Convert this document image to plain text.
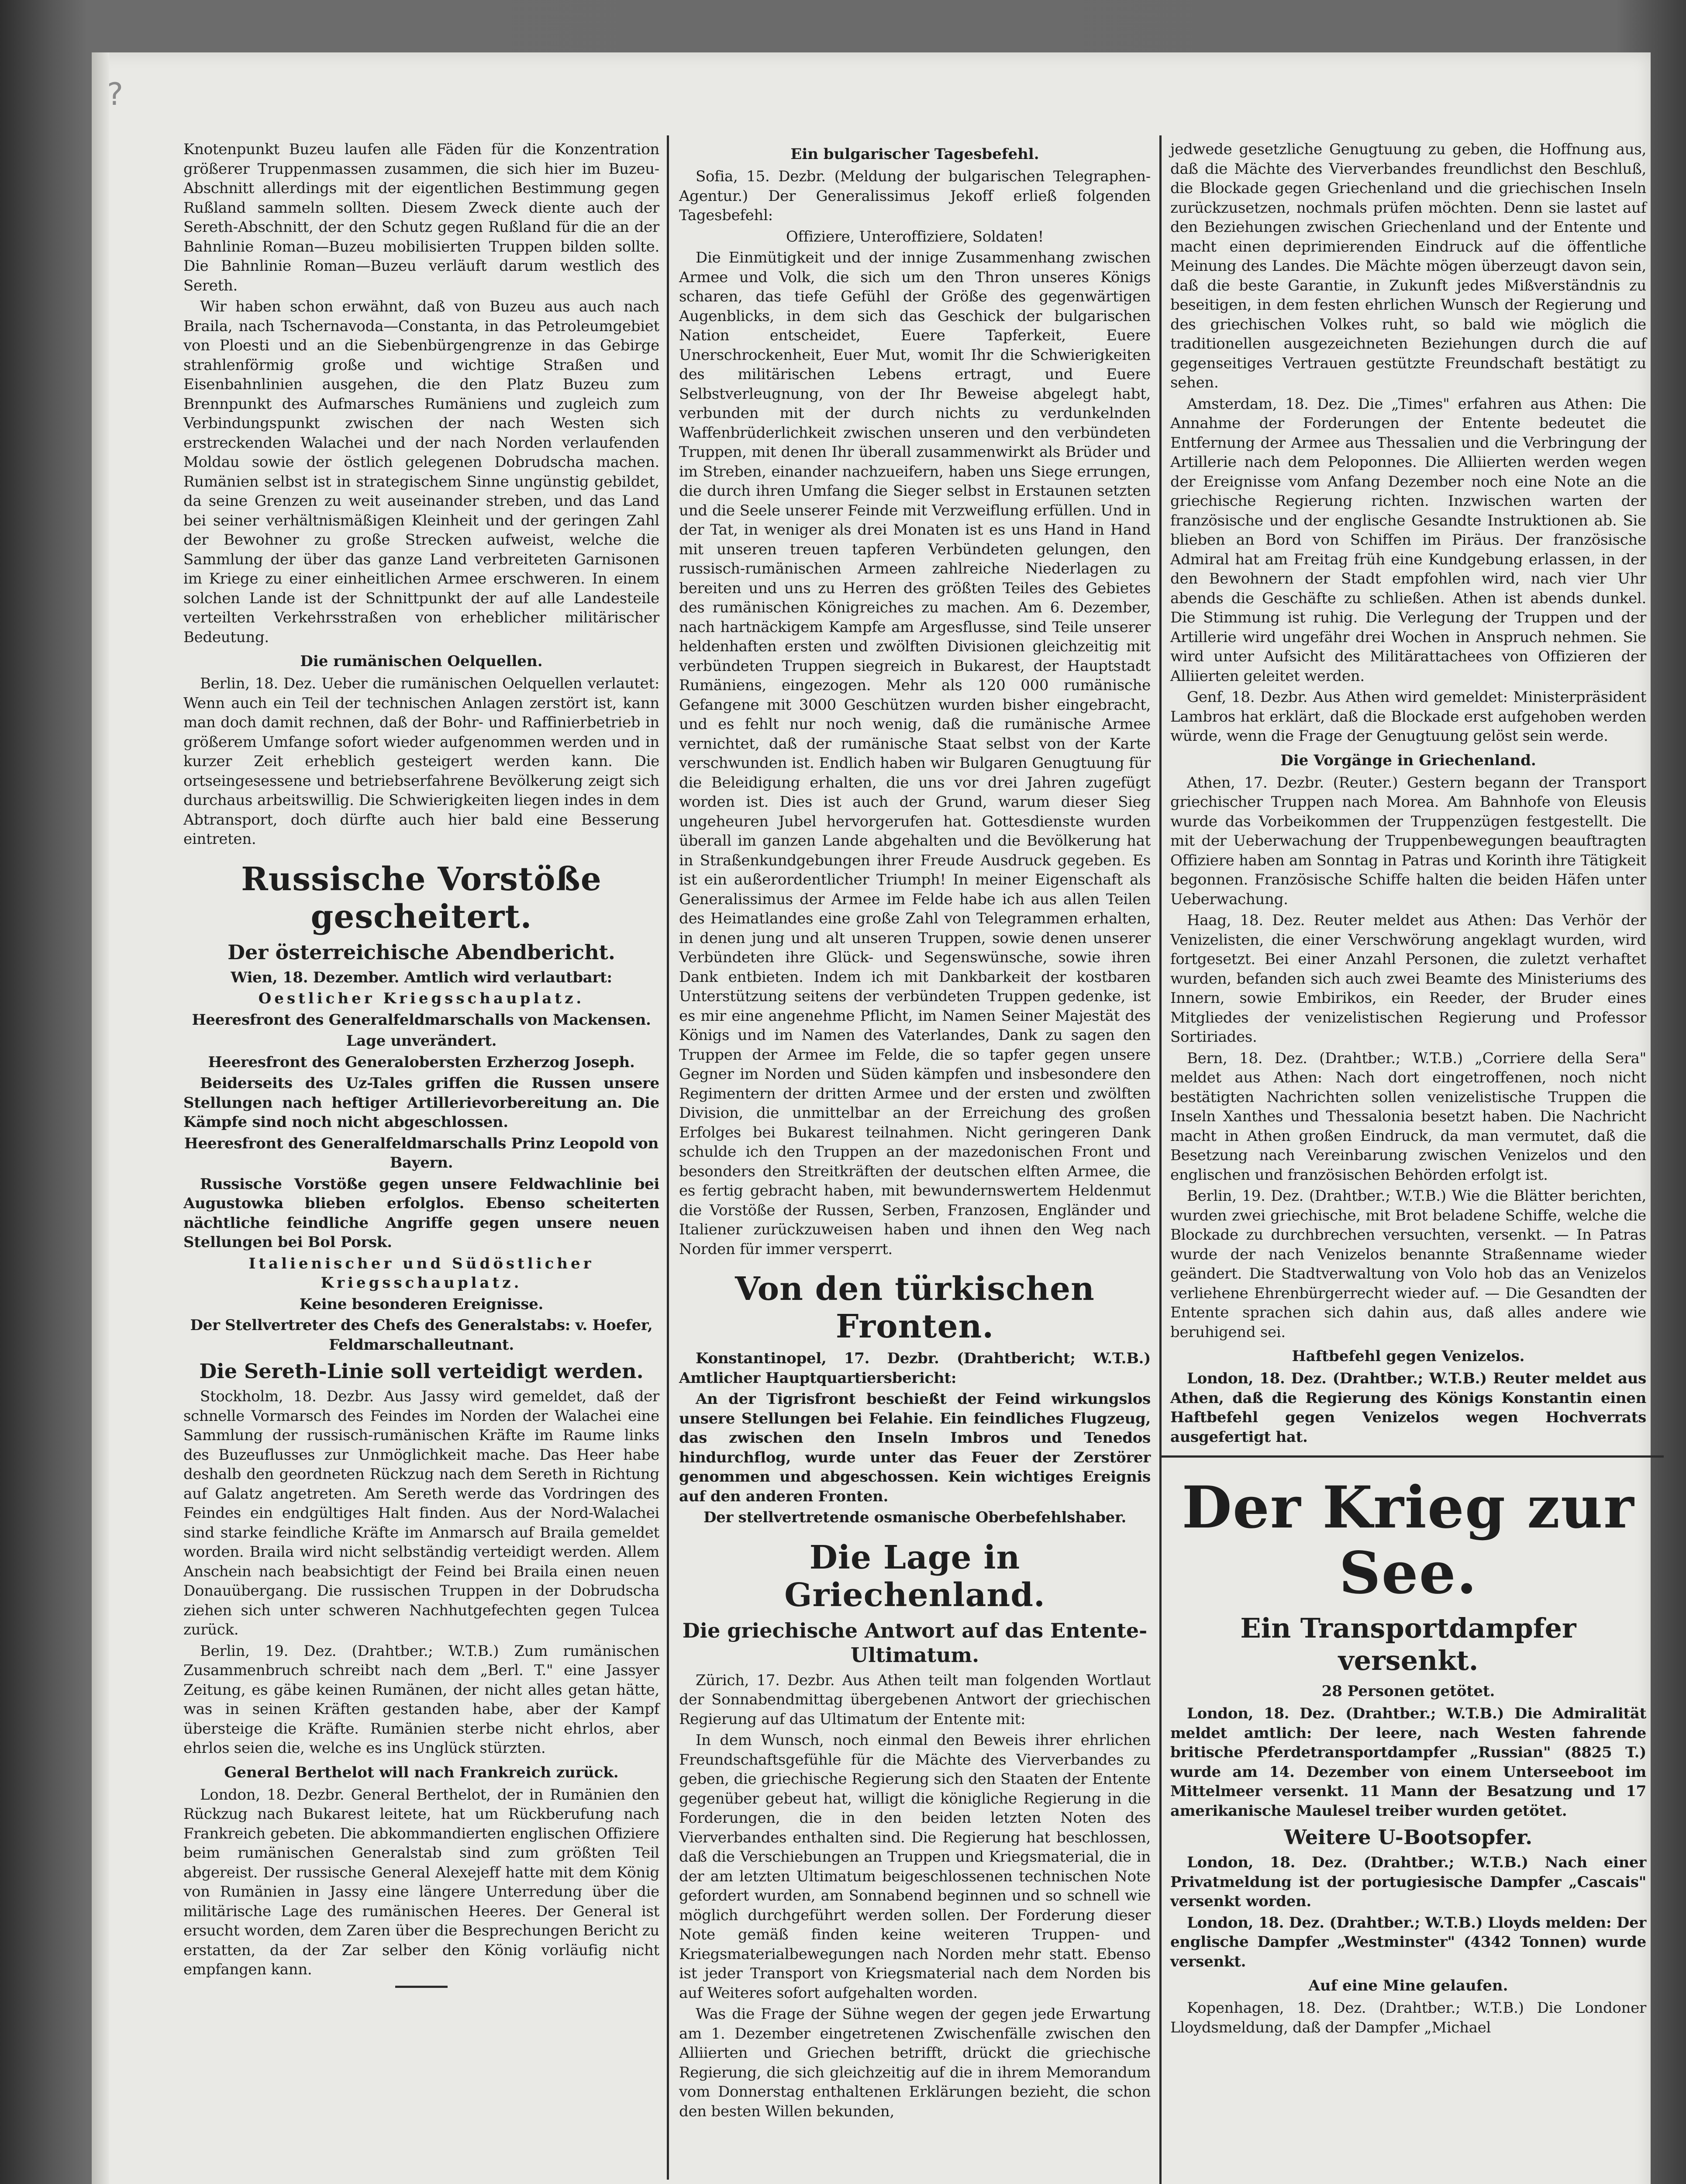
?

Knotenpunkt Buzeu laufen alle Fäden für die Konzentration größerer Truppenmassen zusammen, die sich hier im Buzeu-Abschnitt allerdings mit der eigentlichen Bestimmung gegen Rußland sammeln sollten. Diesem Zweck diente auch der Sereth-Abschnitt, der den Schutz gegen Rußland für die an der Bahnlinie Roman—Buzeu mobilisierten Truppen bilden sollte. Die Bahnlinie Roman—Buzeu verläuft darum westlich des Sereth.

Wir haben schon erwähnt, daß von Buzeu aus auch nach Braila, nach Tschernavoda—Constanta, in das Petroleumgebiet von Ploesti und an die Siebenbürgengrenze in das Gebirge strahlenförmig große und wichtige Straßen und Eisenbahnlinien ausgehen, die den Platz Buzeu zum Brennpunkt des Aufmarsches Rumäniens und zugleich zum Verbindungspunkt zwischen der nach Westen sich erstreckenden Walachei und der nach Norden verlaufenden Moldau sowie der östlich gelegenen Dobrudscha machen. Rumänien selbst ist in strategischem Sinne ungünstig gebildet, da seine Grenzen zu weit auseinander streben, und das Land bei seiner verhältnismäßigen Kleinheit und der geringen Zahl der Bewohner zu große Strecken aufweist, welche die Sammlung der über das ganze Land verbreiteten Garnisonen im Kriege zu einer einheitlichen Armee erschweren. In einem solchen Lande ist der Schnittpunkt der auf alle Landesteile verteilten Verkehrsstraßen von erheblicher militärischer Bedeutung.

Die rumänischen Oelquellen.

Berlin, 18. Dez. Ueber die rumänischen Oelquellen verlautet: Wenn auch ein Teil der technischen Anlagen zerstört ist, kann man doch damit rechnen, daß der Bohr- und Raffinierbetrieb in größerem Umfange sofort wieder aufgenommen werden und in kurzer Zeit erheblich gesteigert werden kann. Die ortseingesessene und betriebserfahrene Bevölkerung zeigt sich durchaus arbeitswillig. Die Schwierigkeiten liegen indes in dem Abtransport, doch dürfte auch hier bald eine Besserung eintreten.

Russische Vorstöße gescheitert.
Der österreichische Abendbericht.

Wien, 18. Dezember. Amtlich wird verlautbart:

Oestlicher Kriegsschauplatz.

Heeresfront des Generalfeldmarschalls von Mackensen.

Lage unverändert.

Heeresfront des Generalobersten Erzherzog Joseph.

Beiderseits des Uz-Tales griffen die Russen unsere Stellungen nach heftiger Artillerievorbereitung an. Die Kämpfe sind noch nicht abgeschlossen.

Heeresfront des Generalfeldmarschalls Prinz Leopold von Bayern.

Russische Vorstöße gegen unsere Feldwachlinie bei Augustowka blieben erfolglos. Ebenso scheiterten nächtliche feindliche Angriffe gegen unsere neuen Stellungen bei Bol Porsk.

Italienischer und Südöstlicher Kriegsschauplatz.

Keine besonderen Ereignisse.

Der Stellvertreter des Chefs des Generalstabs: v. Hoefer, Feldmarschalleutnant.

Die Sereth-Linie soll verteidigt werden.

Stockholm, 18. Dezbr. Aus Jassy wird gemeldet, daß der schnelle Vormarsch des Feindes im Norden der Walachei eine Sammlung der russisch-rumänischen Kräfte im Raume links des Buzeuflusses zur Unmöglichkeit mache. Das Heer habe deshalb den geordneten Rückzug nach dem Sereth in Richtung auf Galatz angetreten. Am Sereth werde das Vordringen des Feindes ein endgültiges Halt finden. Aus der Nord-Walachei sind starke feindliche Kräfte im Anmarsch auf Braila gemeldet worden. Braila wird nicht selbständig verteidigt werden. Allem Anschein nach beabsichtigt der Feind bei Braila einen neuen Donauübergang. Die russischen Truppen in der Dobrudscha ziehen sich unter schweren Nachhutgefechten gegen Tulcea zurück.

Berlin, 19. Dez. (Drahtber.; W.T.B.) Zum rumänischen Zusammenbruch schreibt nach dem „Berl. T." eine Jassyer Zeitung, es gäbe keinen Rumänen, der nicht alles getan hätte, was in seinen Kräften gestanden habe, aber der Kampf übersteige die Kräfte. Rumänien sterbe nicht ehrlos, aber ehrlos seien die, welche es ins Unglück stürzten.

General Berthelot will nach Frankreich zurück.

London, 18. Dezbr. General Berthelot, der in Rumänien den Rückzug nach Bukarest leitete, hat um Rückberufung nach Frankreich gebeten. Die abkommandierten englischen Offiziere beim rumänischen Generalstab sind zum größten Teil abgereist. Der russische General Alexejeff hatte mit dem König von Rumänien in Jassy eine längere Unterredung über die militärische Lage des rumänischen Heeres. Der General ist ersucht worden, dem Zaren über die Besprechungen Bericht zu erstatten, da der Zar selber den König vorläufig nicht empfangen kann.

Ein bulgarischer Tagesbefehl.

Sofia, 15. Dezbr. (Meldung der bulgarischen Telegraphen-Agentur.) Der Generalissimus Jekoff erließ folgenden Tagesbefehl:

Offiziere, Unteroffiziere, Soldaten!

Die Einmütigkeit und der innige Zusammenhang zwischen Armee und Volk, die sich um den Thron unseres Königs scharen, das tiefe Gefühl der Größe des gegenwärtigen Augenblicks, in dem sich das Geschick der bulgarischen Nation entscheidet, Euere Tapferkeit, Euere Unerschrockenheit, Euer Mut, womit Ihr die Schwierigkeiten des militärischen Lebens ertragt, und Euere Selbstverleugnung, von der Ihr Beweise abgelegt habt, verbunden mit der durch nichts zu verdunkelnden Waffenbrüderlichkeit zwischen unseren und den verbündeten Truppen, mit denen Ihr überall zusammenwirkt als Brüder und im Streben, einander nachzueifern, haben uns Siege errungen, die durch ihren Umfang die Sieger selbst in Erstaunen setzten und die Seele unserer Feinde mit Verzweiflung erfüllen. Und in der Tat, in weniger als drei Monaten ist es uns Hand in Hand mit unseren treuen tapferen Verbündeten gelungen, den russisch-rumänischen Armeen zahlreiche Niederlagen zu bereiten und uns zu Herren des größten Teiles des Gebietes des rumänischen Königreiches zu machen. Am 6. Dezember, nach hartnäckigem Kampfe am Argesflusse, sind Teile unserer heldenhaften ersten und zwölften Divisionen gleichzeitig mit verbündeten Truppen siegreich in Bukarest, der Hauptstadt Rumäniens, eingezogen. Mehr als 120 000 rumänische Gefangene mit 3000 Geschützen wurden bisher eingebracht, und es fehlt nur noch wenig, daß die rumänische Armee vernichtet, daß der rumänische Staat selbst von der Karte verschwunden ist. Endlich haben wir Bulgaren Genugtuung für die Beleidigung erhalten, die uns vor drei Jahren zugefügt worden ist. Dies ist auch der Grund, warum dieser Sieg ungeheuren Jubel hervorgerufen hat. Gottesdienste wurden überall im ganzen Lande abgehalten und die Bevölkerung hat in Straßenkundgebungen ihrer Freude Ausdruck gegeben. Es ist ein außerordentlicher Triumph! In meiner Eigenschaft als Generalissimus der Armee im Felde habe ich aus allen Teilen des Heimatlandes eine große Zahl von Telegrammen erhalten, in denen jung und alt unseren Truppen, sowie denen unserer Verbündeten ihre Glück- und Segenswünsche, sowie ihren Dank entbieten. Indem ich mit Dankbarkeit der kostbaren Unterstützung seitens der verbündeten Truppen gedenke, ist es mir eine angenehme Pflicht, im Namen Seiner Majestät des Königs und im Namen des Vaterlandes, Dank zu sagen den Truppen der Armee im Felde, die so tapfer gegen unsere Gegner im Norden und Süden kämpfen und insbesondere den Regimentern der dritten Armee und der ersten und zwölften Division, die unmittelbar an der Erreichung des großen Erfolges bei Bukarest teilnahmen. Nicht geringeren Dank schulde ich den Truppen an der mazedonischen Front und besonders den Streitkräften der deutschen elften Armee, die es fertig gebracht haben, mit bewundernswertem Heldenmut die Vorstöße der Russen, Serben, Franzosen, Engländer und Italiener zurückzuweisen haben und ihnen den Weg nach Norden für immer versperrt.

Von den türkischen Fronten.

Konstantinopel, 17. Dezbr. (Drahtbericht; W.T.B.) Amtlicher Hauptquartiersbericht:

An der Tigrisfront beschießt der Feind wirkungslos unsere Stellungen bei Felahie. Ein feindliches Flugzeug, das zwischen den Inseln Imbros und Tenedos hindurchflog, wurde unter das Feuer der Zerstörer genommen und abgeschossen. Kein wichtiges Ereignis auf den anderen Fronten.

Der stellvertretende osmanische Oberbefehlshaber.

Die Lage in Griechenland.
Die griechische Antwort auf das Entente-Ultimatum.

Zürich, 17. Dezbr. Aus Athen teilt man folgenden Wortlaut der Sonnabendmittag übergebenen Antwort der griechischen Regierung auf das Ultimatum der Entente mit:

In dem Wunsch, noch einmal den Beweis ihrer ehrlichen Freundschaftsgefühle für die Mächte des Vierverbandes zu geben, die griechische Regierung sich den Staaten der Entente gegenüber gebeut hat, willigt die königliche Regierung in die Forderungen, die in den beiden letzten Noten des Vierverbandes enthalten sind. Die Regierung hat beschlossen, daß die Verschiebungen an Truppen und Kriegsmaterial, die in der am letzten Ultimatum beigeschlossenen technischen Note gefordert wurden, am Sonnabend beginnen und so schnell wie möglich durchgeführt werden sollen. Der Forderung dieser Note gemäß finden keine weiteren Truppen- und Kriegsmaterialbewegungen nach Norden mehr statt. Ebenso ist jeder Transport von Kriegsmaterial nach dem Norden bis auf Weiteres sofort aufgehalten worden.

Was die Frage der Sühne wegen der gegen jede Erwartung am 1. Dezember eingetretenen Zwischenfälle zwischen den Alliierten und Griechen betrifft, drückt die griechische Regierung, die sich gleichzeitig auf die in ihrem Memorandum vom Donnerstag enthaltenen Erklärungen bezieht, die schon den besten Willen bekunden,

jedwede gesetzliche Genugtuung zu geben, die Hoffnung aus, daß die Mächte des Vierverbandes freundlichst den Beschluß, die Blockade gegen Griechenland und die griechischen Inseln zurückzusetzen, nochmals prüfen möchten. Denn sie lastet auf den Beziehungen zwischen Griechenland und der Entente und macht einen deprimierenden Eindruck auf die öffentliche Meinung des Landes. Die Mächte mögen überzeugt davon sein, daß die beste Garantie, in Zukunft jedes Mißverständnis zu beseitigen, in dem festen ehrlichen Wunsch der Regierung und des griechischen Volkes ruht, so bald wie möglich die traditionellen ausgezeichneten Beziehungen durch die auf gegenseitiges Vertrauen gestützte Freundschaft bestätigt zu sehen.

Amsterdam, 18. Dez. Die „Times" erfahren aus Athen: Die Annahme der Forderungen der Entente bedeutet die Entfernung der Armee aus Thessalien und die Verbringung der Artillerie nach dem Peloponnes. Die Alliierten werden wegen der Ereignisse vom Anfang Dezember noch eine Note an die griechische Regierung richten. Inzwischen warten der französische und der englische Gesandte Instruktionen ab. Sie blieben an Bord von Schiffen im Piräus. Der französische Admiral hat am Freitag früh eine Kundgebung erlassen, in der den Bewohnern der Stadt empfohlen wird, nach vier Uhr abends die Geschäfte zu schließen. Athen ist abends dunkel. Die Stimmung ist ruhig. Die Verlegung der Truppen und der Artillerie wird ungefähr drei Wochen in Anspruch nehmen. Sie wird unter Aufsicht des Militärattachees von Offizieren der Alliierten geleitet werden.

Genf, 18. Dezbr. Aus Athen wird gemeldet: Ministerpräsident Lambros hat erklärt, daß die Blockade erst aufgehoben werden würde, wenn die Frage der Genugtuung gelöst sein werde.

Die Vorgänge in Griechenland.

Athen, 17. Dezbr. (Reuter.) Gestern begann der Transport griechischer Truppen nach Morea. Am Bahnhofe von Eleusis wurde das Vorbeikommen der Truppenzügen festgestellt. Die mit der Ueberwachung der Truppenbewegungen beauftragten Offiziere haben am Sonntag in Patras und Korinth ihre Tätigkeit begonnen. Französische Schiffe halten die beiden Häfen unter Ueberwachung.

Haag, 18. Dez. Reuter meldet aus Athen: Das Verhör der Venizelisten, die einer Verschwörung angeklagt wurden, wird fortgesetzt. Bei einer Anzahl Personen, die zuletzt verhaftet wurden, befanden sich auch zwei Beamte des Ministeriums des Innern, sowie Embirikos, ein Reeder, der Bruder eines Mitgliedes der venizelistischen Regierung und Professor Sortiriades.

Bern, 18. Dez. (Drahtber.; W.T.B.) „Corriere della Sera" meldet aus Athen: Nach dort eingetroffenen, noch nicht bestätigten Nachrichten sollen venizelistische Truppen die Inseln Xanthes und Thessalonia besetzt haben. Die Nachricht macht in Athen großen Eindruck, da man vermutet, daß die Besetzung nach Vereinbarung zwischen Venizelos und den englischen und französischen Behörden erfolgt ist.

Berlin, 19. Dez. (Drahtber.; W.T.B.) Wie die Blätter berichten, wurden zwei griechische, mit Brot beladene Schiffe, welche die Blockade zu durchbrechen versuchten, versenkt. — In Patras wurde der nach Venizelos benannte Straßenname wieder geändert. Die Stadtverwaltung von Volo hob das an Venizelos verliehene Ehrenbürgerrecht wieder auf. — Die Gesandten der Entente sprachen sich dahin aus, daß alles andere wie beruhigend sei.

Haftbefehl gegen Venizelos.

London, 18. Dez. (Drahtber.; W.T.B.) Reuter meldet aus Athen, daß die Regierung des Königs Konstantin einen Haftbefehl gegen Venizelos wegen Hochverrats ausgefertigt hat.

Der Krieg zur See.
Ein Transportdampfer versenkt.
28 Personen getötet.

London, 18. Dez. (Drahtber.; W.T.B.) Die Admiralität meldet amtlich: Der leere, nach Westen fahrende britische Pferdetransportdampfer „Russian" (8825 T.) wurde am 14. Dezember von einem Unterseeboot im Mittelmeer versenkt. 11 Mann der Besatzung und 17 amerikanische Maulesel treiber wurden getötet.

Weitere U-Bootsopfer.

London, 18. Dez. (Drahtber.; W.T.B.) Nach einer Privatmeldung ist der portugiesische Dampfer „Cascais" versenkt worden.

London, 18. Dez. (Drahtber.; W.T.B.) Lloyds melden: Der englische Dampfer „Westminster" (4342 Tonnen) wurde versenkt.

Auf eine Mine gelaufen.

Kopenhagen, 18. Dez. (Drahtber.; W.T.B.) Die Londoner Lloydsmeldung, daß der Dampfer „Michael
